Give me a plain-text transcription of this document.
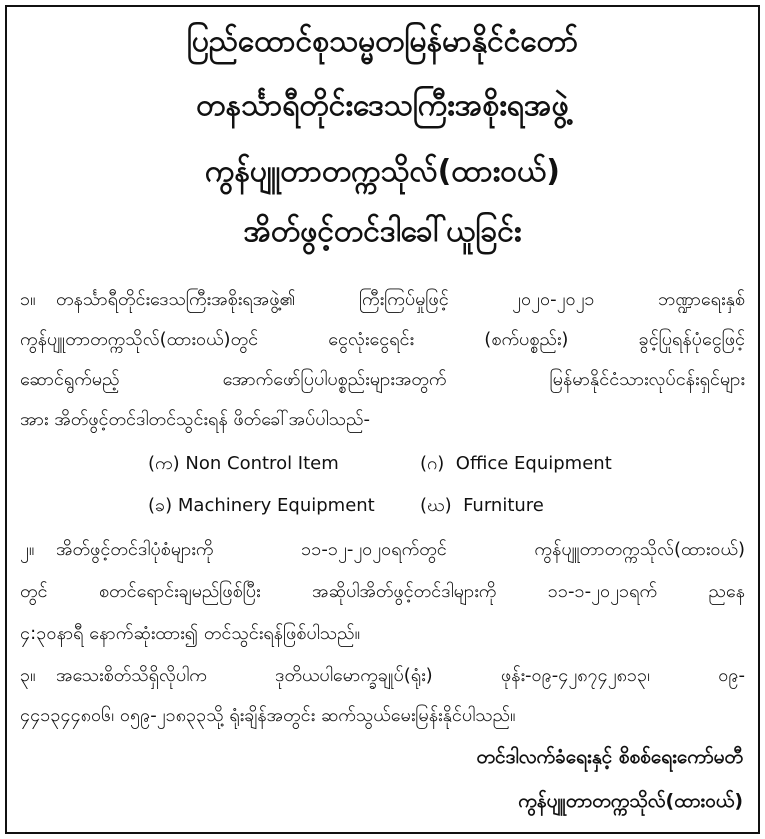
ပြည်ထောင်စုသမ္မတမြန်မာနိုင်ငံတော်
တနင်္သာရီတိုင်းဒေသကြီးအစိုးရအဖွဲ့
ကွန်ပျူတာတက္ကသိုလ်(ထားဝယ်)
အိတ်ဖွင့်တင်ဒါခေါ်ယူခြင်း
၁။ တနင်္သာရီတိုင်းဒေသကြီးအစိုးရအဖွဲ့၏ ကြီးကြပ်မှုဖြင့် ၂၀၂၀-၂၀၂၁ ဘဏ္ဍာရေးနှစ်
ကွန်ပျူတာတက္ကသိုလ်(ထားဝယ်)တွင် ငွေလုံးငွေရင်း (စက်ပစ္စည်း) ခွင့်ပြုရန်ပုံငွေဖြင့်
ဆောင်ရွက်မည့် အောက်ဖော်ပြပါပစ္စည်းများအတွက် မြန်မာနိုင်ငံသားလုပ်ငန်းရှင်များ
အား အိတ်ဖွင့်တင်ဒါတင်သွင်းရန် ဖိတ်ခေါ်အပ်ပါသည်-
(က) Non Control Item	(ဂ) Office Equipment
(ခ) Machinery Equipment	(ဃ) Furniture
၂။ အိတ်ဖွင့်တင်ဒါပုံစံများကို ၁၁-၁၂-၂၀၂၀ရက်တွင် ကွန်ပျူတာတက္ကသိုလ်(ထားဝယ်)
တွင် စတင်ရောင်းချမည်ဖြစ်ပြီး အဆိုပါအိတ်ဖွင့်တင်ဒါများကို ၁၁-၁-၂၀၂၁ရက် ညနေ
၄:၃၀နာရီ နောက်ဆုံးထား၍ တင်သွင်းရန်ဖြစ်ပါသည်။
၃။ အသေးစိတ်သိရှိလိုပါက ဒုတိယပါမောက္ခချုပ်(ရုံး) ဖုန်း-၀၉-၄၂၈၇၄၂၈၁၃၊ ၀၉-
၄၄၁၃၄၄၈၀၆၊ ၀၅၉-၂၁၈၃၃သို့ ရုံးချိန်အတွင်း ဆက်သွယ်မေးမြန်းနိုင်ပါသည်။
တင်ဒါလက်ခံရေးနှင့် စိစစ်ရေးကော်မတီ
ကွန်ပျူတာတက္ကသိုလ်(ထားဝယ်)
